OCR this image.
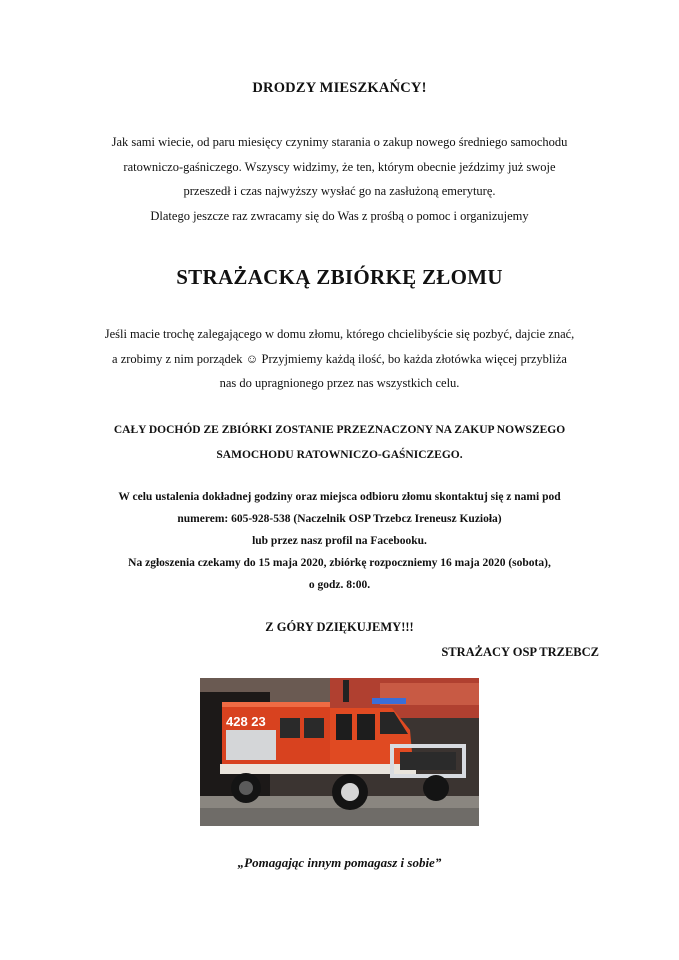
DRODZY MIESZKAŃCY!
Jak sami wiecie, od paru miesięcy czynimy starania o zakup nowego średniego samochodu
ratowniczo-gaśniczego. Wszyscy widzimy, że ten, którym obecnie jeździmy już swoje
przeszedł i czas najwyższy wysłać go na zasłużoną emeryturę.
Dlatego jeszcze raz zwracamy się do Was z prośbą o pomoc i organizujemy
STRAŻACKĄ ZBIÓRKĘ ZŁOMU
Jeśli macie trochę zalegającego w domu złomu, którego chcielibyście się pozbyć, dajcie znać,
a zrobimy z nim porządek ☺ Przyjmiemy każdą ilość, bo każda złotówka więcej przybliża
nas do upragnionego przez nas wszystkich celu.
CAŁY DOCHÓD ZE ZBIÓRKI ZOSTANIE PRZEZNACZONY NA ZAKUP NOWSZEGO
SAMOCHODU RATOWNICZO-GAŚNICZEGO.
W celu ustalenia dokładnej godziny oraz miejsca odbioru złomu skontaktuj się z nami pod
numerem: 605-928-538 (Naczelnik OSP Trzebcz Ireneusz Kuzioła)
lub przez nasz profil na Facebooku.
Na zgłoszenia czekamy do 15 maja 2020, zbiórkę rozpoczniemy 16 maja 2020 (sobota),
o godz. 8:00.
Z GÓRY DZIĘKUJEMY!!!
STRAŻACY OSP TRZEBCZ
428 23
„Pomagając innym pomagasz i sobie”
